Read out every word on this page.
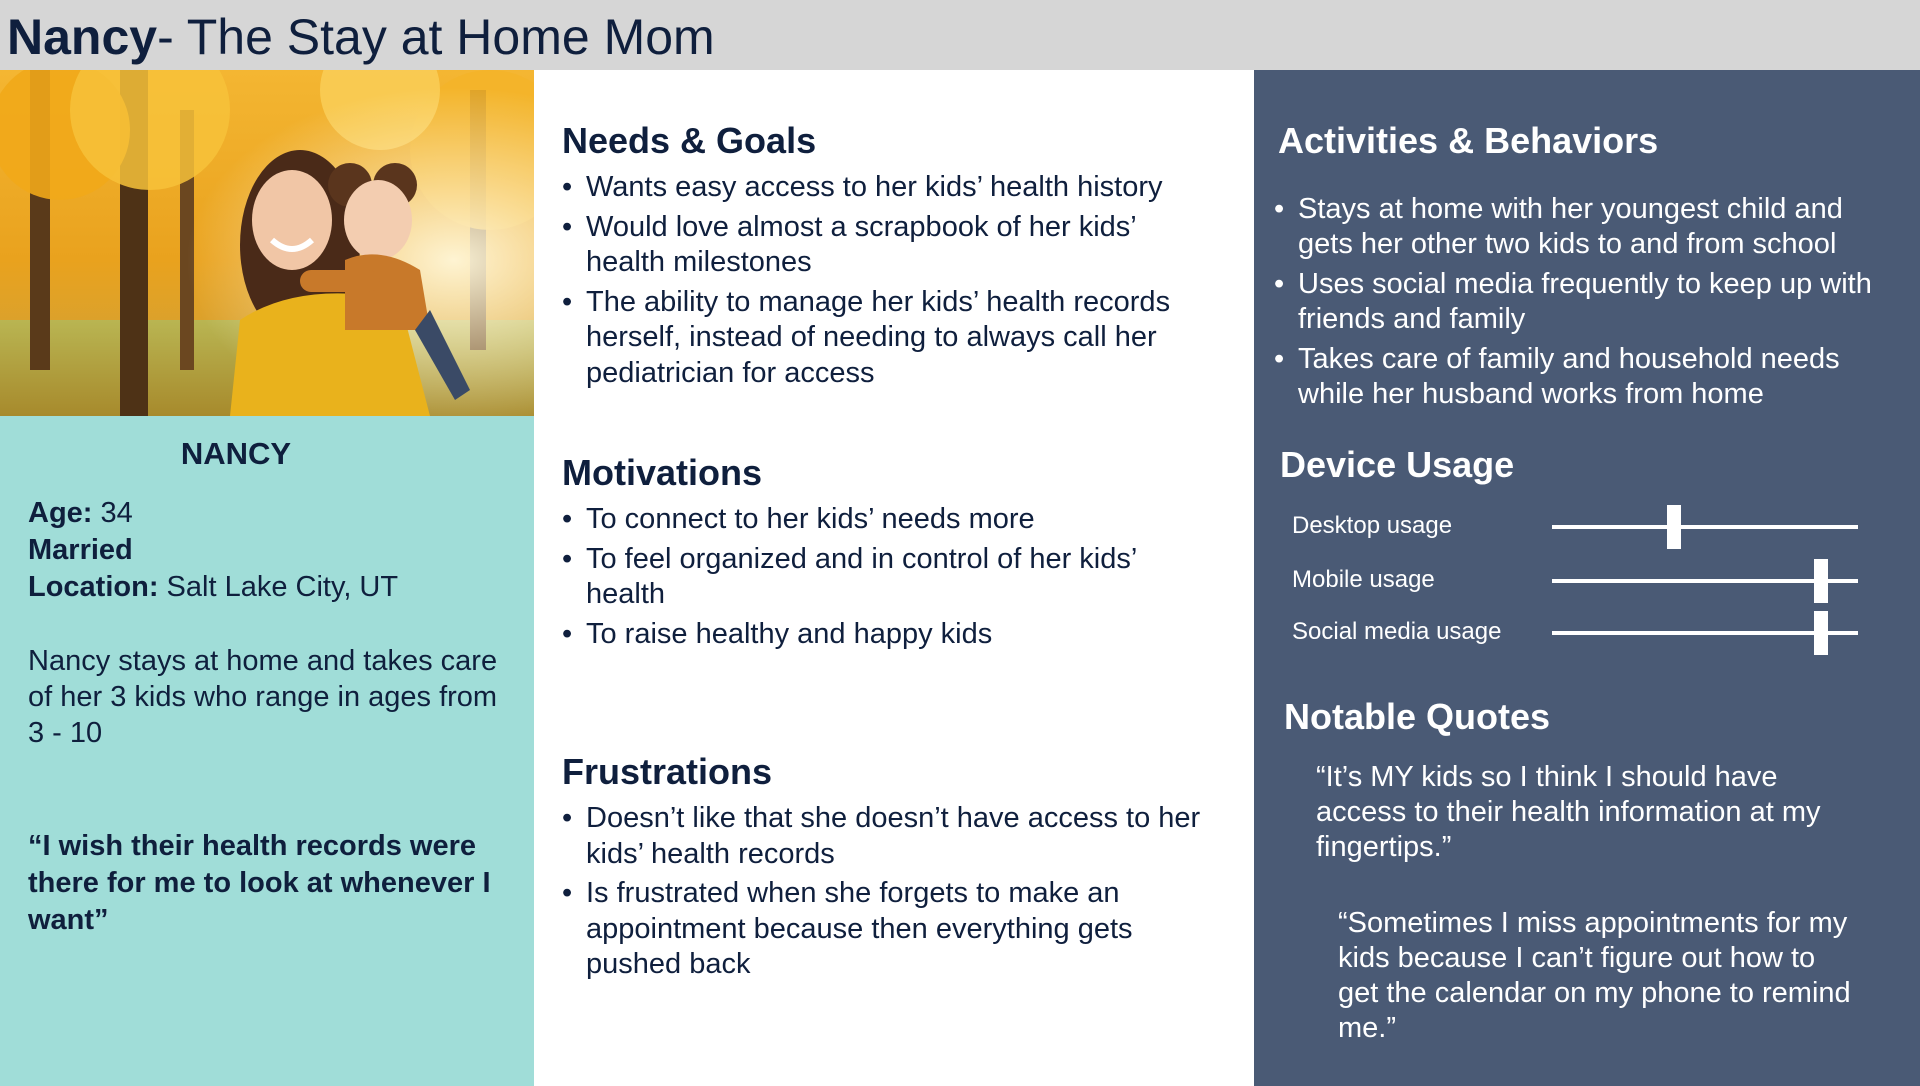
Nancy- The Stay at Home Mom
NANCY
Age: 34
Married
Location: Salt Lake City, UT
Nancy stays at home and takes care of her 3 kids who range in ages from 3 - 10
“I wish their health records were there for me to look at whenever I want”
Needs & Goals
• Wants easy access to her kids’ health history
• Would love almost a scrapbook of her kids’ health milestones
• The ability to manage her kids’ health records herself, instead of needing to always call her pediatrician for access
Motivations
• To connect to her kids’ needs more
• To feel organized and in control of her kids’ health
• To raise healthy and happy kids
Frustrations
• Doesn’t like that she doesn’t have access to her kids’ health records
• Is frustrated when she forgets to make an appointment because then everything gets pushed back
Activities & Behaviors
• Stays at home with her youngest child and gets her other two kids to and from school
• Uses social media frequently to keep up with friends and family
• Takes care of family and household needs while her husband works from home
Device Usage
Desktop usage
Mobile usage
Social media usage
Notable Quotes
“It’s MY kids so I think I should have access to their health information at my fingertips.”
“Sometimes I miss appointments for my kids because I can’t figure out how to get the calendar on my phone to remind me.”
